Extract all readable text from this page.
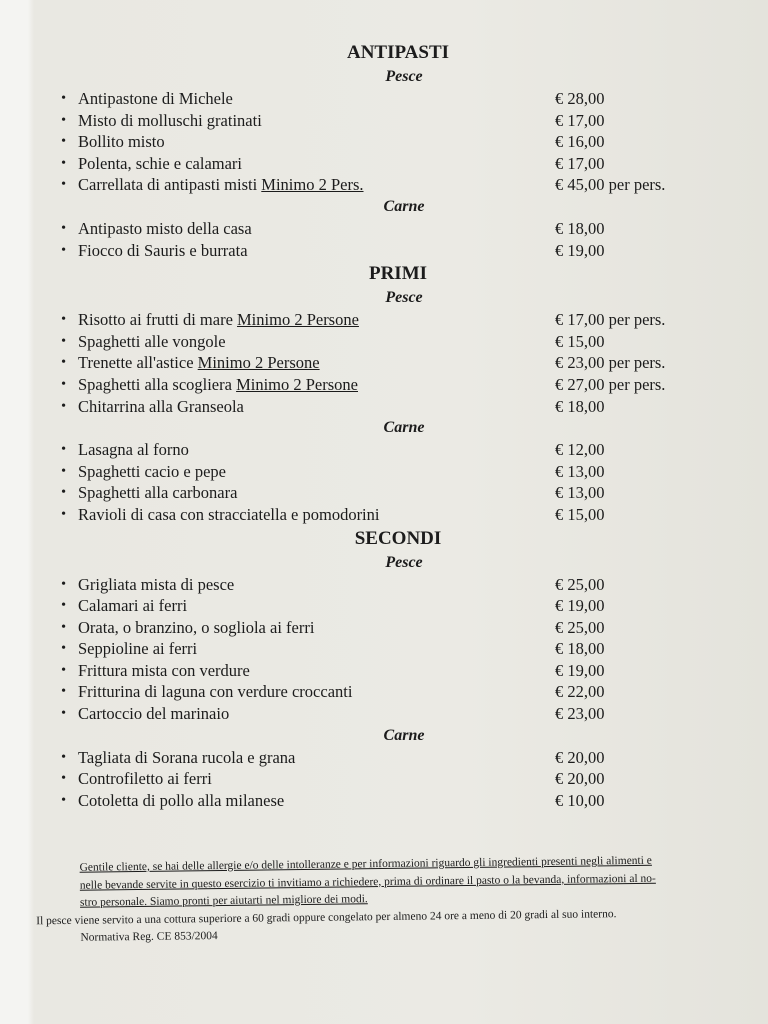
ANTIPASTI
Pesce
• Antipastone di Michele	€ 28,00
• Misto di molluschi gratinati	€ 17,00
• Bollito misto	€ 16,00
• Polenta, schie e calamari	€ 17,00
• Carrellata di antipasti misti Minimo 2 Pers.	€ 45,00 per pers.
Carne
• Antipasto misto della casa	€ 18,00
• Fiocco di Sauris e burrata	€ 19,00
PRIMI
Pesce
• Risotto ai frutti di mare Minimo 2 Persone	€ 17,00 per pers.
• Spaghetti alle vongole	€ 15,00
• Trenette all'astice Minimo 2 Persone	€ 23,00 per pers.
• Spaghetti alla scogliera Minimo 2 Persone	€ 27,00 per pers.
• Chitarrina alla Granseola	€ 18,00
Carne
• Lasagna al forno	€ 12,00
• Spaghetti cacio e pepe	€ 13,00
• Spaghetti alla carbonara	€ 13,00
• Ravioli di casa con stracciatella e pomodorini	€ 15,00
SECONDI
Pesce
• Grigliata mista di pesce	€ 25,00
• Calamari ai ferri	€ 19,00
• Orata, o branzino, o sogliola ai ferri	€ 25,00
• Seppioline ai ferri	€ 18,00
• Frittura mista con verdure	€ 19,00
• Fritturina di laguna con verdure croccanti	€ 22,00
• Cartoccio del marinaio	€ 23,00
Carne
• Tagliata di Sorana rucola e grana	€ 20,00
• Controfiletto ai ferri	€ 20,00
• Cotoletta di pollo alla milanese	€ 10,00
Gentile cliente, se hai delle allergie e/o delle intolleranze e per informazioni riguardo gli ingredienti presenti negli alimenti e
nelle bevande servite in questo esercizio ti invitiamo a richiedere, prima di ordinare il pasto o la bevanda, informazioni al no-
stro personale. Siamo pronti per aiutarti nel migliore dei modi.
Il pesce viene servito a una cottura superiore a 60 gradi oppure congelato per almeno 24 ore a meno di 20 gradi al suo interno.
Normativa Reg. CE 853/2004
